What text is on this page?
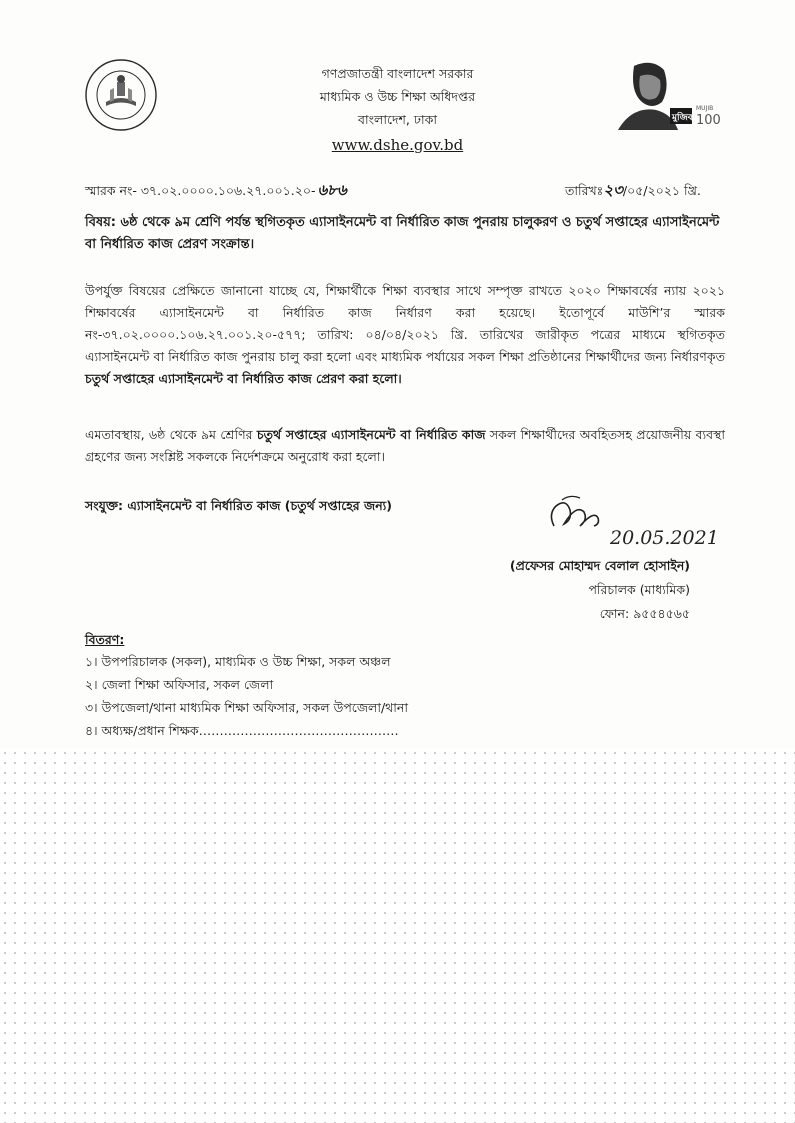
মুজিব
MUJIB
100
গণপ্রজাতন্ত্রী বাংলাদেশ সরকার
মাধ্যমিক ও উচ্চ শিক্ষা অধিদপ্তর
বাংলাদেশ, ঢাকা
www.dshe.gov.bd
স্মারক নং- ৩৭.০২.০০০০.১০৬.২৭.০০১.২০- ৬৮৬	তারিখঃ২৩/০৫/২০২১ খ্রি.
বিষয়: ৬ষ্ঠ থেকে ৯ম শ্রেণি পর্যন্ত স্থগিতকৃত এ্যাসাইনমেন্ট বা নির্ধারিত কাজ পুনরায় চালুকরণ ও চতুর্থ সপ্তাহের এ্যাসাইনমেন্ট বা নির্ধারিত কাজ প্রেরণ সংক্রান্ত।
উপর্যুক্ত বিষয়ের প্রেক্ষিতে জানানো যাচ্ছে যে, শিক্ষার্থীকে শিক্ষা ব্যবস্থার সাথে সম্পৃক্ত রাখতে ২০২০ শিক্ষাবর্ষের ন্যায় ২০২১ শিক্ষাবর্ষের এ্যাসাইনমেন্ট বা নির্ধারিত কাজ নির্ধারণ করা হয়েছে। ইতোপূর্বে মাউশি’র স্মারক নং-৩৭.০২.০০০০.১০৬.২৭.০০১.২০-৫৭৭; তারিখ: ০৪/০৪/২০২১ খ্রি. তারিখের জারীকৃত পত্রের মাধ্যমে স্থগিতকৃত এ্যাসাইনমেন্ট বা নির্ধারিত কাজ পুনরায় চালু করা হলো এবং মাধ্যমিক পর্যায়ের সকল শিক্ষা প্রতিষ্ঠানের শিক্ষার্থীদের জন্য নির্ধারণকৃত চতুর্থ সপ্তাহের এ্যাসাইনমেন্ট বা নির্ধারিত কাজ প্রেরণ করা হলো।
এমতাবস্থায়, ৬ষ্ঠ থেকে ৯ম শ্রেণির চতুর্থ সপ্তাহের এ্যাসাইনমেন্ট বা নির্ধারিত কাজ সকল শিক্ষার্থীদের অবহিতসহ প্রয়োজনীয় ব্যবস্থা গ্রহণের জন্য সংশ্লিষ্ট সকলকে নির্দেশক্রমে অনুরোধ করা হলো।
সংযুক্ত: এ্যাসাইনমেন্ট বা নির্ধারিত কাজ (চতুর্থ সপ্তাহের জন্য)
20.05.2021
(প্রফেসর মোহাম্মদ বেলাল হোসাইন)
পরিচালক (মাধ্যমিক)
ফোন: ৯৫৫৪৫৬৫
বিতরণ:
১। উপপরিচালক (সকল), মাধ্যমিক ও উচ্চ শিক্ষা, সকল অঞ্চল
২। জেলা শিক্ষা অফিসার, সকল জেলা
৩। উপজেলা/থানা মাধ্যমিক শিক্ষা অফিসার, সকল উপজেলা/থানা
৪। অধ্যক্ষ/প্রধান শিক্ষক…………………………………………
